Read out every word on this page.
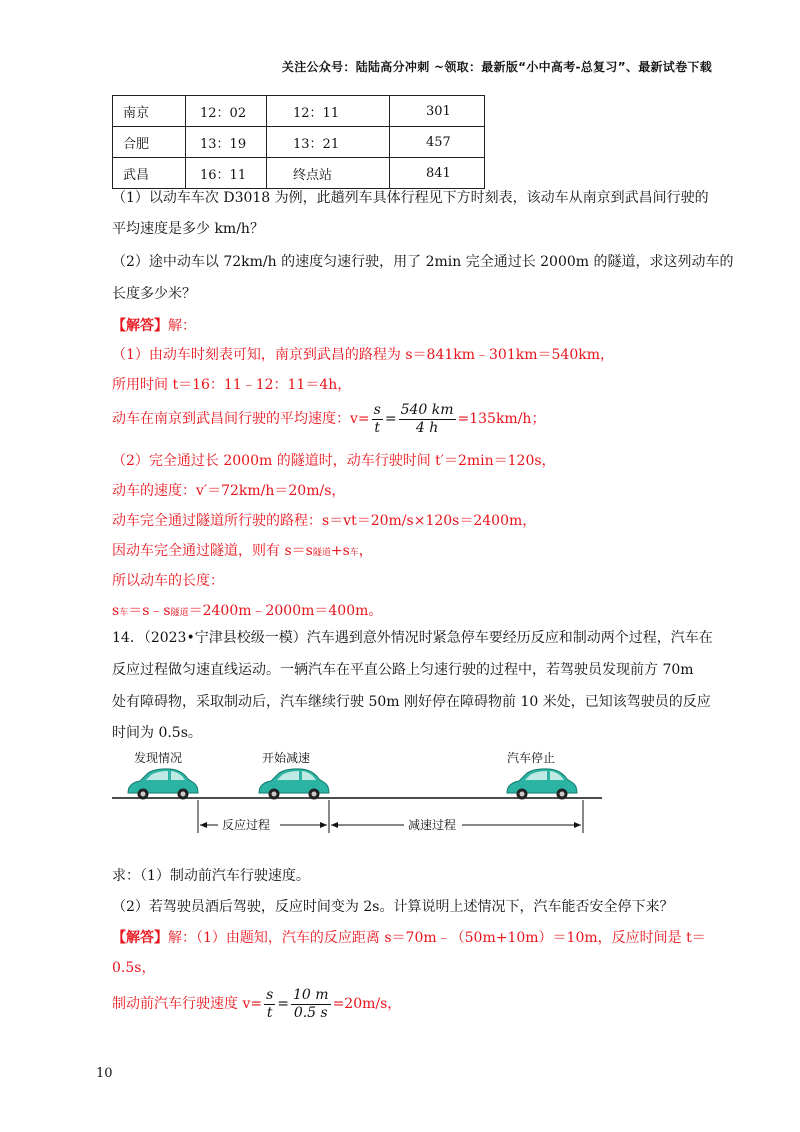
关注公众号：陆陆高分冲刺 ~领取：最新版“小中高考-总复习”、最新试卷下载
南京	12：02	12：11	301
合肥	13：19	13：21	457
武昌	16：11	终点站	841
（1）以动车车次 D3018 为例，此趟列车具体行程见下方时刻表，该动车从南京到武昌间行驶的
平均速度是多少 km/h？
（2）途中动车以 72km/h 的速度匀速行驶，用了 2min 完全通过长 2000m 的隧道，求这列动车的
长度多少米？
【解答】解：
（1）由动车时刻表可知，南京到武昌的路程为 s＝841km﹣301km＝540km，
所用时间 t＝16：11﹣12：11＝4h，
动车在南京到武昌间行驶的平均速度：$v= \frac{s}{t} = \frac{540 km}{4 h} =135km/h$；
（2）完全通过长 2000m 的隧道时，动车行驶时间 t′＝2min＝120s，
动车的速度：v′＝72km/h＝20m/s，
动车完全通过隧道所行驶的路程：s＝vt＝20m/s×120s＝2400m，
因动车完全通过隧道，则有 s＝s隧道+s车，
所以动车的长度：
s车＝s﹣s隧道＝2400m﹣2000m＝400m。
14．（2023•宁津县校级一模）汽车遇到意外情况时紧急停车要经历反应和制动两个过程，汽车在
反应过程做匀速直线运动。一辆汽车在平直公路上匀速行驶的过程中，若驾驶员发现前方 70m
处有障碍物，采取制动后，汽车继续行驶 50m 刚好停在障碍物前 10 米处，已知该驾驶员的反应
时间为 0.5s。
发现情况	开始减速	汽车停止
反应过程	减速过程
求：（1）制动前汽车行驶速度。
（2）若驾驶员酒后驾驶，反应时间变为 2s。计算说明上述情况下，汽车能否安全停下来？
【解答】解：（1）由题知，汽车的反应距离 s＝70m﹣（50m+10m）＝10m，反应时间是 t＝
0.5s，
制动前汽车行驶速度 $v= \frac{s}{t} = \frac{10 m}{0.5 s} =20m/s$，
10
